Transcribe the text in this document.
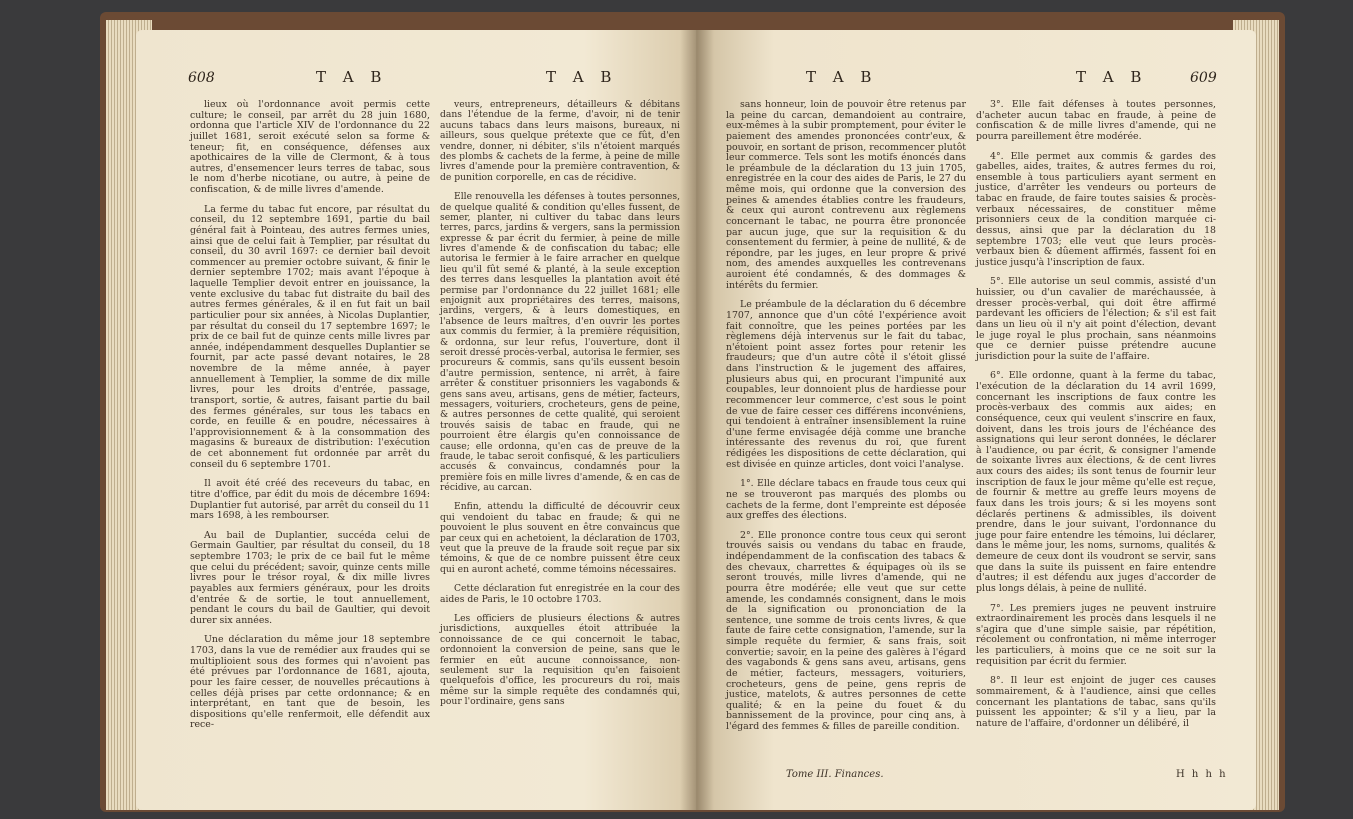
608	T A B	T A B

lieux où l'ordonnance avoit permis cette culture; le conseil, par arrêt du 28 juin 1680, ordonna que l'article XIV de l'ordonnance du 22 juillet 1681, seroit exécuté selon sa forme & teneur; fit, en conséquence, défenses aux apothicaires de la ville de Clermont, & à tous autres, d'ensemencer leurs terres de tabac, sous le nom d'herbe nicotiane, ou autre, à peine de confiscation, & de mille livres d'amende.

La ferme du tabac fut encore, par résultat du conseil, du 12 septembre 1691, partie du bail général fait à Pointeau, des autres fermes unies, ainsi que de celui fait à Templier, par résultat du conseil, du 30 avril 1697: ce dernier bail devoit commencer au premier octobre suivant, & finir le dernier septembre 1702; mais avant l'époque à laquelle Templier devoit entrer en jouissance, la vente exclusive du tabac fut distraite du bail des autres fermes générales, & il en fut fait un bail particulier pour six années, à Nicolas Duplantier, par résultat du conseil du 17 septembre 1697; le prix de ce bail fut de quinze cents mille livres par année, indépendamment desquelles Duplantier se fournit, par acte passé devant notaires, le 28 novembre de la même année, à payer annuellement à Templier, la somme de dix mille livres, pour les droits d'entrée, passage, transport, sortie, & autres, faisant partie du bail des fermes générales, sur tous les tabacs en corde, en feuille & en poudre, nécessaires à l'approvisionnement & à la consommation des magasins & bureaux de distribution: l'exécution de cet abonnement fut ordonnée par arrêt du conseil du 6 septembre 1701.

Il avoit été créé des receveurs du tabac, en titre d'office, par édit du mois de décembre 1694: Duplantier fut autorisé, par arrêt du conseil du 11 mars 1698, à les rembourser.

Au bail de Duplantier, succéda celui de Germain Gaultier, par résultat du conseil, du 18 septembre 1703; le prix de ce bail fut le même que celui du précédent; savoir, quinze cents mille livres pour le trésor royal, & dix mille livres payables aux fermiers généraux, pour les droits d'entrée & de sortie, le tout annuellement, pendant le cours du bail de Gaultier, qui devoit durer six années.

Une déclaration du même jour 18 septembre 1703, dans la vue de remédier aux fraudes qui se multiplioient sous des formes qui n'avoient pas été prévues par l'ordonnance de 1681, ajouta, pour les faire cesser, de nouvelles précautions à celles déjà prises par cette ordonnance; & en interprétant, en tant que de besoin, les dispositions qu'elle renfermoit, elle défendit aux rece-

veurs, entrepreneurs, détailleurs & débitans dans l'étendue de la ferme, d'avoir, ni de tenir aucuns tabacs dans leurs maisons, bureaux, ni ailleurs, sous quelque prétexte que ce fût, d'en vendre, donner, ni débiter, s'ils n'étoient marqués des plombs & cachets de la ferme, à peine de mille livres d'amende pour la première contravention, & de punition corporelle, en cas de récidive.

Elle renouvella les défenses à toutes personnes, de quelque qualité & condition qu'elles fussent, de semer, planter, ni cultiver du tabac dans leurs terres, parcs, jardins & vergers, sans la permission expresse & par écrit du fermier, à peine de mille livres d'amende & de confiscation du tabac; elle autorisa le fermier à le faire arracher en quelque lieu qu'il fût semé & planté, à la seule exception des terres dans lesquelles la plantation avoit été permise par l'ordonnance du 22 juillet 1681; elle enjoignit aux propriétaires des terres, maisons, jardins, vergers, & à leurs domestiques, en l'absence de leurs maîtres, d'en ouvrir les portes aux commis du fermier, à la première réquisition, & ordonna, sur leur refus, l'ouverture, dont il seroit dressé procès-verbal, autorisa le fermier, ses procureurs & commis, sans qu'ils eussent besoin d'autre permission, sentence, ni arrêt, à faire arrêter & constituer prisonniers les vagabonds & gens sans aveu, artisans, gens de métier, facteurs, messagers, voituriers, crocheteurs, gens de peine, & autres personnes de cette qualité, qui seroient trouvés saisis de tabac en fraude, qui ne pourroient être élargis qu'en connoissance de cause; elle ordonna, qu'en cas de preuve de la fraude, le tabac seroit confisqué, & les particuliers accusés & convaincus, condamnés pour la première fois en mille livres d'amende, & en cas de récidive, au carcan.

Enfin, attendu la difficulté de découvrir ceux qui vendoient du tabac en fraude; & qui ne pouvoient le plus souvent en être convaincus que par ceux qui en achetoient, la déclaration de 1703, veut que la preuve de la fraude soit reçue par six témoins, & que de ce nombre puissent être ceux qui en auront acheté, comme témoins nécessaires.

Cette déclaration fut enregistrée en la cour des aides de Paris, le 10 octobre 1703.

Les officiers de plusieurs élections & autres jurisdictions, auxquelles étoit attribuée la connoissance de ce qui concernoit le tabac, ordonnoient la conversion de peine, sans que le fermier en eût aucune connoissance, non-seulement sur la requisition qu'en faisoient quelquefois d'office, les procureurs du roi, mais même sur la simple requête des condamnés qui, pour l'ordinaire, gens sans

T A B	T A B	609

sans honneur, loin de pouvoir être retenus par la peine du carcan, demandoient au contraire, eux-mêmes à la subir promptement, pour éviter le paiement des amendes prononcées contr'eux, & pouvoir, en sortant de prison, recommencer plutôt leur commerce. Tels sont les motifs énoncés dans le préambule de la déclaration du 13 juin 1705, enregistrée en la cour des aides de Paris, le 27 du même mois, qui ordonne que la conversion des peines & amendes établies contre les fraudeurs, & ceux qui auront contrevenu aux règlemens concernant le tabac, ne pourra être prononcée par aucun juge, que sur la requisition & du consentement du fermier, à peine de nullité, & de répondre, par les juges, en leur propre & privé nom, des amendes auxquelles les contrevenans auroient été condamnés, & des dommages & intérêts du fermier.

Le préambule de la déclaration du 6 décembre 1707, annonce que d'un côté l'expérience avoit fait connoître, que les peines portées par les règlemens déjà intervenus sur le fait du tabac, n'étoient point assez fortes pour retenir les fraudeurs; que d'un autre côté il s'étoit glissé dans l'instruction & le jugement des affaires, plusieurs abus qui, en procurant l'impunité aux coupables, leur donnoient plus de hardiesse pour recommencer leur commerce, c'est sous le point de vue de faire cesser ces différens inconvéniens, qui tendoient à entraîner insensiblement la ruine d'une ferme envisagée déjà comme une branche intéressante des revenus du roi, que furent rédigées les dispositions de cette déclaration, qui est divisée en quinze articles, dont voici l'analyse.

1°. Elle déclare tabacs en fraude tous ceux qui ne se trouveront pas marqués des plombs ou cachets de la ferme, dont l'empreinte est déposée aux greffes des élections.

2°. Elle prononce contre tous ceux qui seront trouvés saisis ou vendans du tabac en fraude, indépendamment de la confiscation des tabacs & des chevaux, charrettes & équipages où ils se seront trouvés, mille livres d'amende, qui ne pourra être modérée; elle veut que sur cette amende, les condamnés consignent, dans le mois de la signification ou prononciation de la sentence, une somme de trois cents livres, & que faute de faire cette consignation, l'amende, sur la simple requête du fermier, & sans frais, soit convertie; savoir, en la peine des galères à l'égard des vagabonds & gens sans aveu, artisans, gens de métier, facteurs, messagers, voituriers, crocheteurs, gens de peine, gens repris de justice, matelots, & autres personnes de cette qualité; & en la peine du fouet & du bannissement de la province, pour cinq ans, à l'égard des femmes & filles de pareille condition.

3°. Elle fait défenses à toutes personnes, d'acheter aucun tabac en fraude, à peine de confiscation & de mille livres d'amende, qui ne pourra pareillement être modérée.

4°. Elle permet aux commis & gardes des gabelles, aides, traites, & autres fermes du roi, ensemble à tous particuliers ayant serment en justice, d'arrêter les vendeurs ou porteurs de tabac en fraude, de faire toutes saisies & procès-verbaux nécessaires, de constituer même prisonniers ceux de la condition marquée ci-dessus, ainsi que par la déclaration du 18 septembre 1703; elle veut que leurs procès-verbaux bien & dûement affirmés, fassent foi en justice jusqu'à l'inscription de faux.

5°. Elle autorise un seul commis, assisté d'un huissier, ou d'un cavalier de maréchaussée, à dresser procès-verbal, qui doit être affirmé pardevant les officiers de l'élection; & s'il est fait dans un lieu où il n'y ait point d'élection, devant le juge royal le plus prochain, sans néanmoins que ce dernier puisse prétendre aucune jurisdiction pour la suite de l'affaire.

6°. Elle ordonne, quant à la ferme du tabac, l'exécution de la déclaration du 14 avril 1699, concernant les inscriptions de faux contre les procès-verbaux des commis aux aides; en conséquence, ceux qui veulent s'inscrire en faux, doivent, dans les trois jours de l'échéance des assignations qui leur seront données, le déclarer à l'audience, ou par écrit, & consigner l'amende de soixante livres aux élections, & de cent livres aux cours des aides; ils sont tenus de fournir leur inscription de faux le jour même qu'elle est reçue, de fournir & mettre au greffe leurs moyens de faux dans les trois jours; & si les moyens sont déclarés pertinens & admissibles, ils doivent prendre, dans le jour suivant, l'ordonnance du juge pour faire entendre les témoins, lui déclarer, dans le même jour, les noms, surnoms, qualités & demeure de ceux dont ils voudront se servir, sans que dans la suite ils puissent en faire entendre d'autres; il est défendu aux juges d'accorder de plus longs délais, à peine de nullité.

7°. Les premiers juges ne peuvent instruire extraordinairement les procès dans lesquels il ne s'agira que d'une simple saisie, par répétition, récolement ou confrontation, ni même interroger les particuliers, à moins que ce ne soit sur la requisition par écrit du fermier.

8°. Il leur est enjoint de juger ces causes sommairement, & à l'audience, ainsi que celles concernant les plantations de tabac, sans qu'ils puissent les appointer; & s'il y a lieu, par la nature de l'affaire, d'ordonner un délibéré, il

Tome III. Finances.	H h h h
